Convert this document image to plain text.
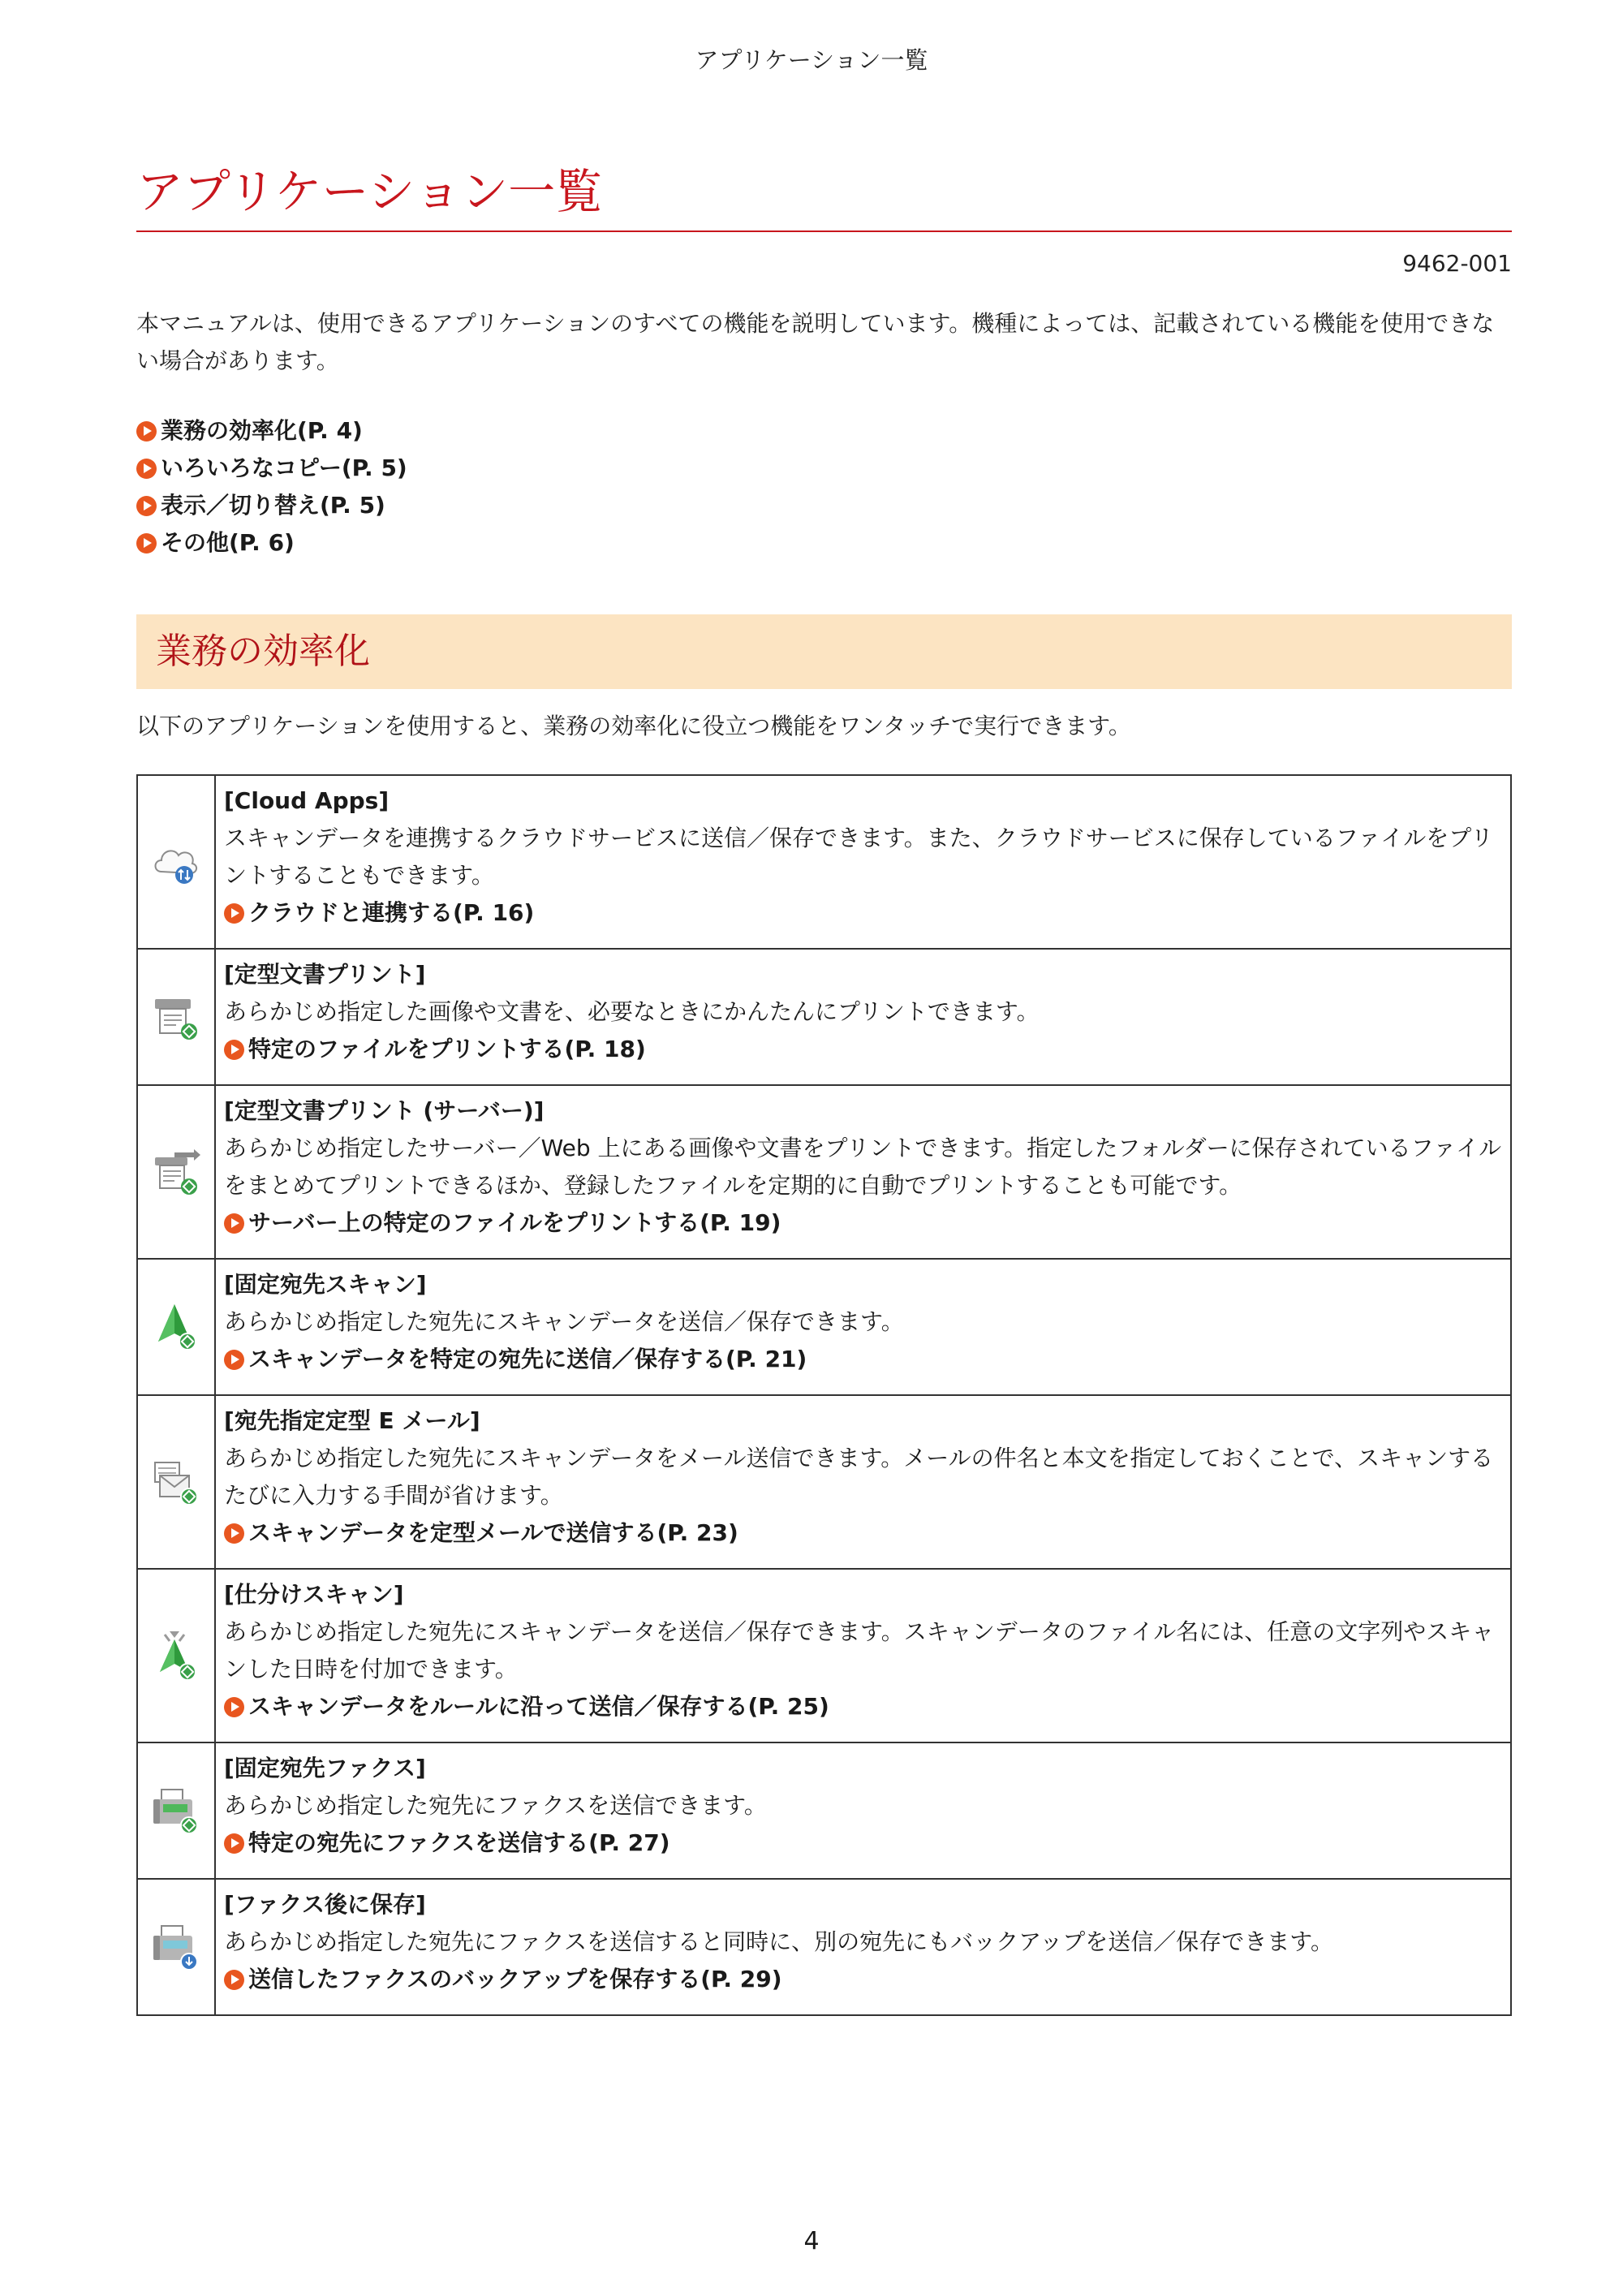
アプリケーション一覧
アプリケーション一覧
9462-001

本マニュアルは、使用できるアプリケーションのすべての機能を説明しています。機種によっては、記載されている機能を使用できない場合があります。

業務の効率化(P. 4)
いろいろなコピー(P. 5)
表示／切り替え(P. 5)
その他(P. 6)
業務の効率化

以下のアプリケーションを使用すると、業務の効率化に役立つ機能をワンタッチで実行できます。

[Cloud Apps]

スキャンデータを連携するクラウドサービスに送信／保存できます。また、クラウドサービスに保存しているファイルをプリントすることもできます。

クラウドと連携する(P. 16)

[定型文書プリント]

あらかじめ指定した画像や文書を、必要なときにかんたんにプリントできます。

特定のファイルをプリントする(P. 18)

[定型文書プリント (サーバー)]

あらかじめ指定したサーバー／Web 上にある画像や文書をプリントできます。指定したフォルダーに保存されているファイルをまとめてプリントできるほか、登録したファイルを定期的に自動でプリントすることも可能です。

サーバー上の特定のファイルをプリントする(P. 19)

[固定宛先スキャン]

あらかじめ指定した宛先にスキャンデータを送信／保存できます。

スキャンデータを特定の宛先に送信／保存する(P. 21)

[宛先指定定型 E メール]

あらかじめ指定した宛先にスキャンデータをメール送信できます。メールの件名と本文を指定しておくことで、スキャンするたびに入力する手間が省けます。

スキャンデータを定型メールで送信する(P. 23)

[仕分けスキャン]

あらかじめ指定した宛先にスキャンデータを送信／保存できます。スキャンデータのファイル名には、任意の文字列やスキャンした日時を付加できます。

スキャンデータをルールに沿って送信／保存する(P. 25)

[固定宛先ファクス]

あらかじめ指定した宛先にファクスを送信できます。

特定の宛先にファクスを送信する(P. 27)

[ファクス後に保存]

あらかじめ指定した宛先にファクスを送信すると同時に、別の宛先にもバックアップを送信／保存できます。

送信したファクスのバックアップを保存する(P. 29)

4
